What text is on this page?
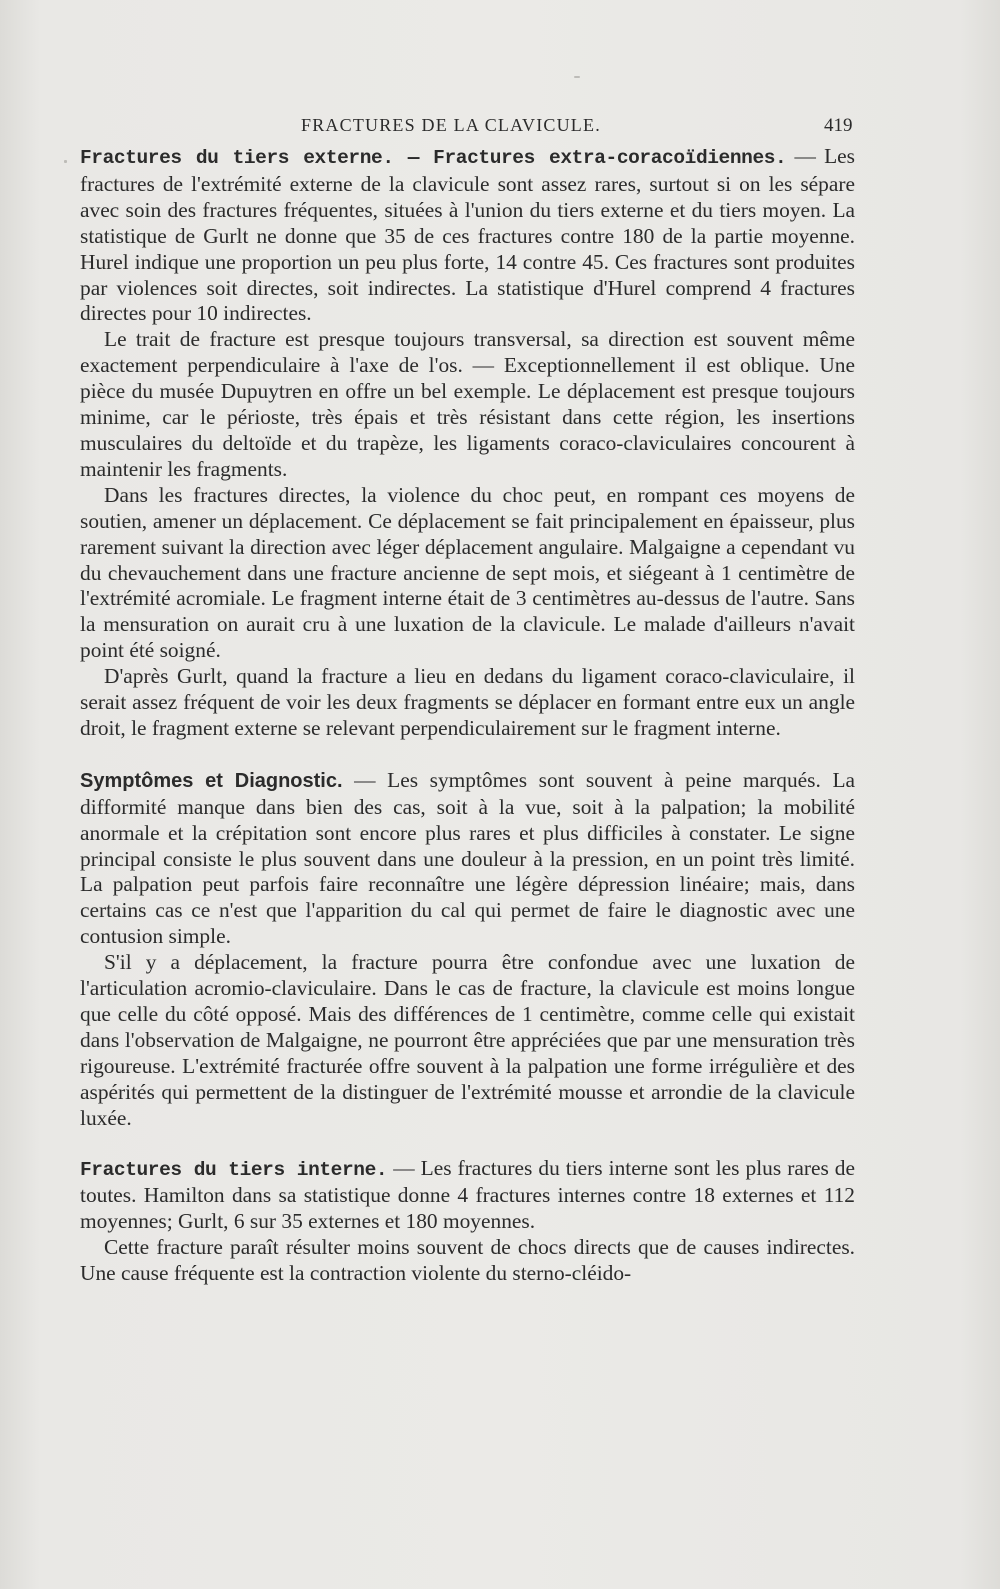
FRACTURES DE LA CLAVICULE.	419

Fractures du tiers externe. — Fractures extra-coracoïdiennes. — Les fractures de l'extrémité externe de la clavicule sont assez rares, surtout si on les sépare avec soin des fractures fréquentes, situées à l'union du tiers externe et du tiers moyen. La statistique de Gurlt ne donne que 35 de ces fractures contre 180 de la partie moyenne. Hurel indique une proportion un peu plus forte, 14 contre 45. Ces fractures sont produites par violences soit directes, soit indirectes. La statistique d'Hurel comprend 4 fractures directes pour 10 indirectes.

Le trait de fracture est presque toujours transversal, sa direction est souvent même exactement perpendiculaire à l'axe de l'os. — Exceptionnellement il est oblique. Une pièce du musée Dupuytren en offre un bel exemple. Le déplacement est presque toujours minime, car le périoste, très épais et très résistant dans cette région, les insertions musculaires du deltoïde et du trapèze, les ligaments coraco-claviculaires concourent à maintenir les fragments.

Dans les fractures directes, la violence du choc peut, en rompant ces moyens de soutien, amener un déplacement. Ce déplacement se fait principalement en épaisseur, plus rarement suivant la direction avec léger déplacement angulaire. Malgaigne a cependant vu du chevauchement dans une fracture ancienne de sept mois, et siégeant à 1 centimètre de l'extrémité acromiale. Le fragment interne était de 3 centimètres au-dessus de l'autre. Sans la mensuration on aurait cru à une luxation de la clavicule. Le malade d'ailleurs n'avait point été soigné.

D'après Gurlt, quand la fracture a lieu en dedans du ligament coraco-claviculaire, il serait assez fréquent de voir les deux fragments se déplacer en formant entre eux un angle droit, le fragment externe se relevant perpendiculairement sur le fragment interne.

Symptômes et Diagnostic. — Les symptômes sont souvent à peine marqués. La difformité manque dans bien des cas, soit à la vue, soit à la palpation; la mobilité anormale et la crépitation sont encore plus rares et plus difficiles à constater. Le signe principal consiste le plus souvent dans une douleur à la pression, en un point très limité. La palpation peut parfois faire reconnaître une légère dépression linéaire; mais, dans certains cas ce n'est que l'apparition du cal qui permet de faire le diagnostic avec une contusion simple.

S'il y a déplacement, la fracture pourra être confondue avec une luxation de l'articulation acromio-claviculaire. Dans le cas de fracture, la clavicule est moins longue que celle du côté opposé. Mais des différences de 1 centimètre, comme celle qui existait dans l'observation de Malgaigne, ne pourront être appréciées que par une mensuration très rigoureuse. L'extrémité fracturée offre souvent à la palpation une forme irrégulière et des aspérités qui permettent de la distinguer de l'extrémité mousse et arrondie de la clavicule luxée.

Fractures du tiers interne. — Les fractures du tiers interne sont les plus rares de toutes. Hamilton dans sa statistique donne 4 fractures internes contre 18 externes et 112 moyennes; Gurlt, 6 sur 35 externes et 180 moyennes.

Cette fracture paraît résulter moins souvent de chocs directs que de causes indirectes. Une cause fréquente est la contraction violente du sterno-cléido-
